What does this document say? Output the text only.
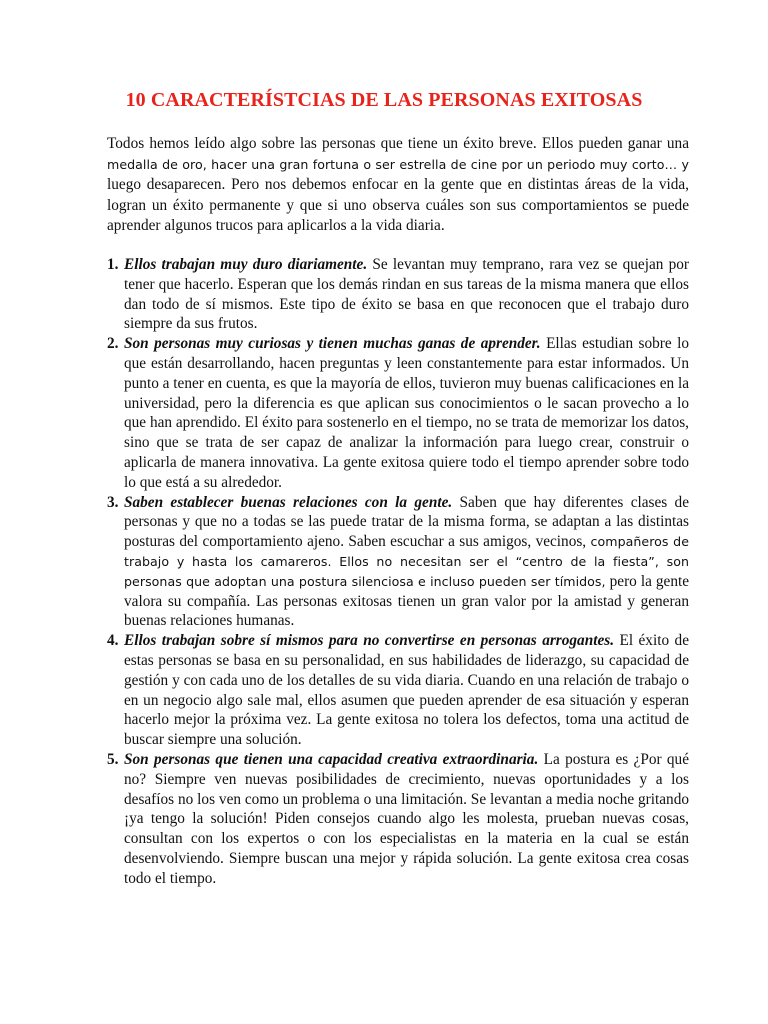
10 CARACTERÍSTCIAS DE LAS PERSONAS EXITOSAS
Todos hemos leído algo sobre las personas que tiene un éxito breve. Ellos pueden ganar una medalla de oro, hacer una gran fortuna o ser estrella de cine por un periodo muy corto… y luego desaparecen. Pero nos debemos enfocar en la gente que en distintas áreas de la vida, logran un éxito permanente y que si uno observa cuáles son sus comportamientos se puede aprender algunos trucos para aplicarlos a la vida diaria.
1. Ellos trabajan muy duro diariamente. Se levantan muy temprano, rara vez se quejan por tener que hacerlo. Esperan que los demás rindan en sus tareas de la misma manera que ellos dan todo de sí mismos. Este tipo de éxito se basa en que reconocen que el trabajo duro siempre da sus frutos.
2. Son personas muy curiosas y tienen muchas ganas de aprender. Ellas estudian sobre lo que están desarrollando, hacen preguntas y leen constantemente para estar informados. Un punto a tener en cuenta, es que la mayoría de ellos, tuvieron muy buenas calificaciones en la universidad, pero la diferencia es que aplican sus conocimientos o le sacan provecho a lo que han aprendido. El éxito para sostenerlo en el tiempo, no se trata de memorizar los datos, sino que se trata de ser capaz de analizar la información para luego crear, construir o aplicarla de manera innovativa. La gente exitosa quiere todo el tiempo aprender sobre todo lo que está a su alrededor.
3. Saben establecer buenas relaciones con la gente. Saben que hay diferentes clases de personas y que no a todas se las puede tratar de la misma forma, se adaptan a las distintas posturas del comportamiento ajeno. Saben escuchar a sus amigos, vecinos, compañeros de trabajo y hasta los camareros. Ellos no necesitan ser el “centro de la fiesta”, son personas que adoptan una postura silenciosa e incluso pueden ser tímidos, pero la gente valora su compañía. Las personas exitosas tienen un gran valor por la amistad y generan buenas relaciones humanas.
4. Ellos trabajan sobre sí mismos para no convertirse en personas arrogantes. El éxito de estas personas se basa en su personalidad, en sus habilidades de liderazgo, su capacidad de gestión y con cada uno de los detalles de su vida diaria. Cuando en una relación de trabajo o en un negocio algo sale mal, ellos asumen que pueden aprender de esa situación y esperan hacerlo mejor la próxima vez. La gente exitosa no tolera los defectos, toma una actitud de buscar siempre una solución.
5. Son personas que tienen una capacidad creativa extraordinaria. La postura es ¿Por qué no? Siempre ven nuevas posibilidades de crecimiento, nuevas oportunidades y a los desafíos no los ven como un problema o una limitación. Se levantan a media noche gritando ¡ya tengo la solución! Piden consejos cuando algo les molesta, prueban nuevas cosas, consultan con los expertos o con los especialistas en la materia en la cual se están desenvolviendo. Siempre buscan una mejor y rápida solución. La gente exitosa crea cosas todo el tiempo.
